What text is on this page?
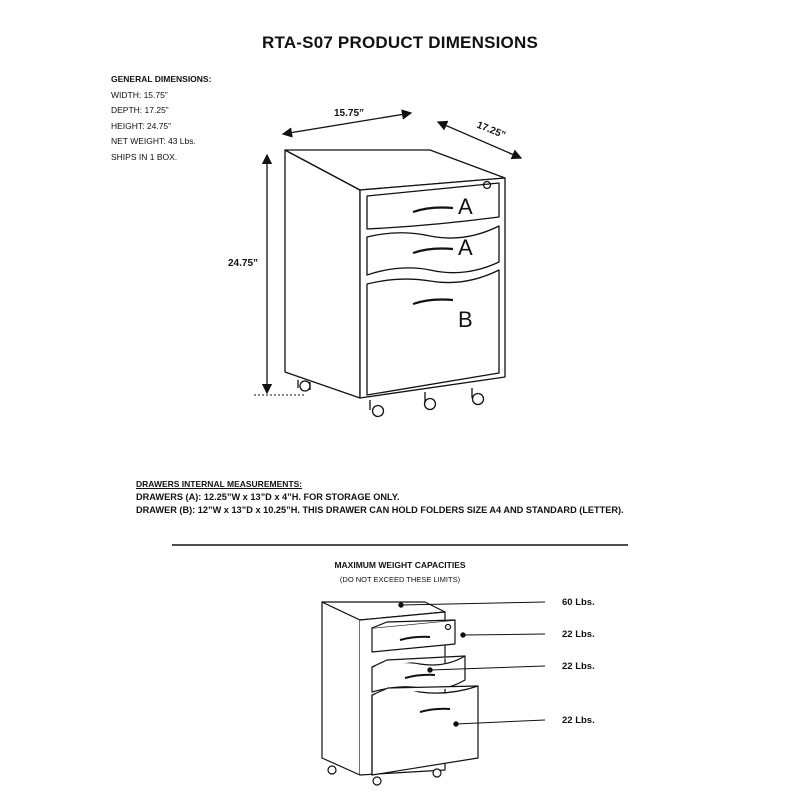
RTA-S07 PRODUCT DIMENSIONS
GENERAL DIMENSIONS:
WIDTH: 15.75”
DEPTH: 17.25”
HEIGHT: 24.75”
NET WEIGHT: 43 Lbs.
SHIPS IN 1 BOX.
15.75”
17.25”
24.75”
A
A
B
DRAWERS INTERNAL MEASUREMENTS:
DRAWERS (A): 12.25”W x 13”D x 4”H. FOR STORAGE ONLY.
DRAWER (B): 12”W x 13”D x 10.25”H. THIS DRAWER CAN HOLD FOLDERS SIZE A4 AND STANDARD (LETTER).
MAXIMUM WEIGHT CAPACITIES
(DO NOT EXCEED THESE LIMITS)
60 Lbs.
22 Lbs.
22 Lbs.
22 Lbs.
